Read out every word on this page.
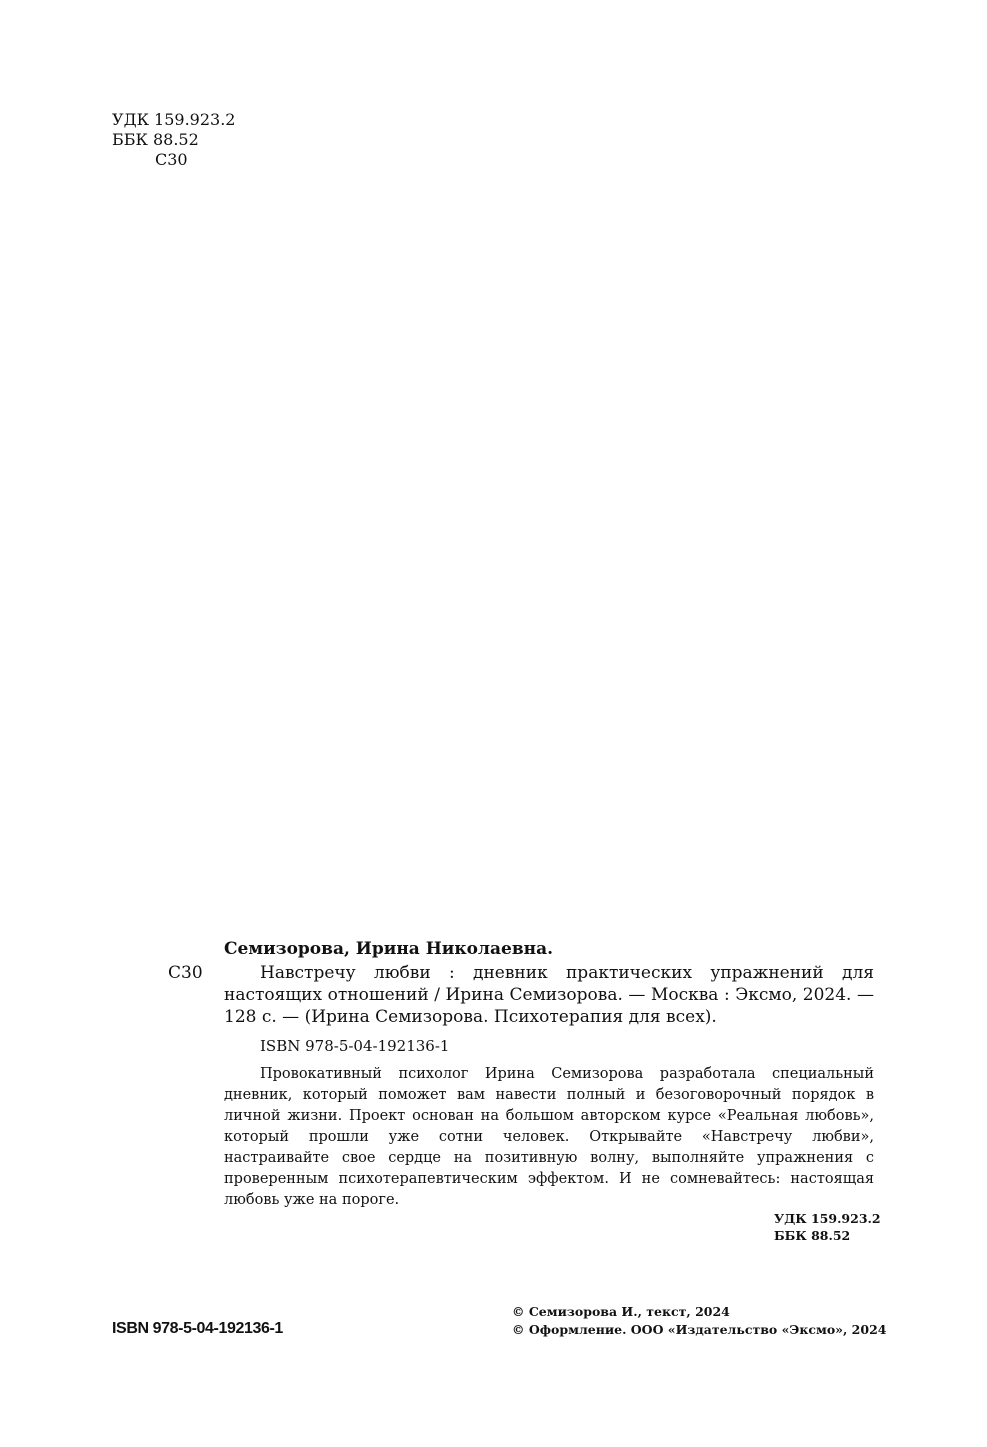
УДК 159.923.2
ББК 88.52
С30
Семизорова, Ирина Николаевна.
С30	Навстречу любви : дневник практических упражнений для настоящих отношений / Ирина Семизорова. — Москва : Эксмо, 2024. — 128 с. — (Ирина Семизорова. Психотерапия для всех).

ISBN 978-5-04-192136-1

Провокативный психолог Ирина Семизорова разработала специальный дневник, который поможет вам навести полный и безоговорочный порядок в личной жизни. Проект основан на большом авторском курсе «Реальная любовь», который прошли уже сотни человек. Открывайте «Навстречу любви», настраивайте свое сердце на позитивную волну, выполняйте упражнения с проверенным психотерапевтическим эффектом. И не сомневайтесь: настоящая любовь уже на пороге.

УДК 159.923.2
ББК 88.52
ISBN 978-5-04-192136-1
© Семизорова И., текст, 2024
© Оформление. ООО «Издательство «Эксмо», 2024
